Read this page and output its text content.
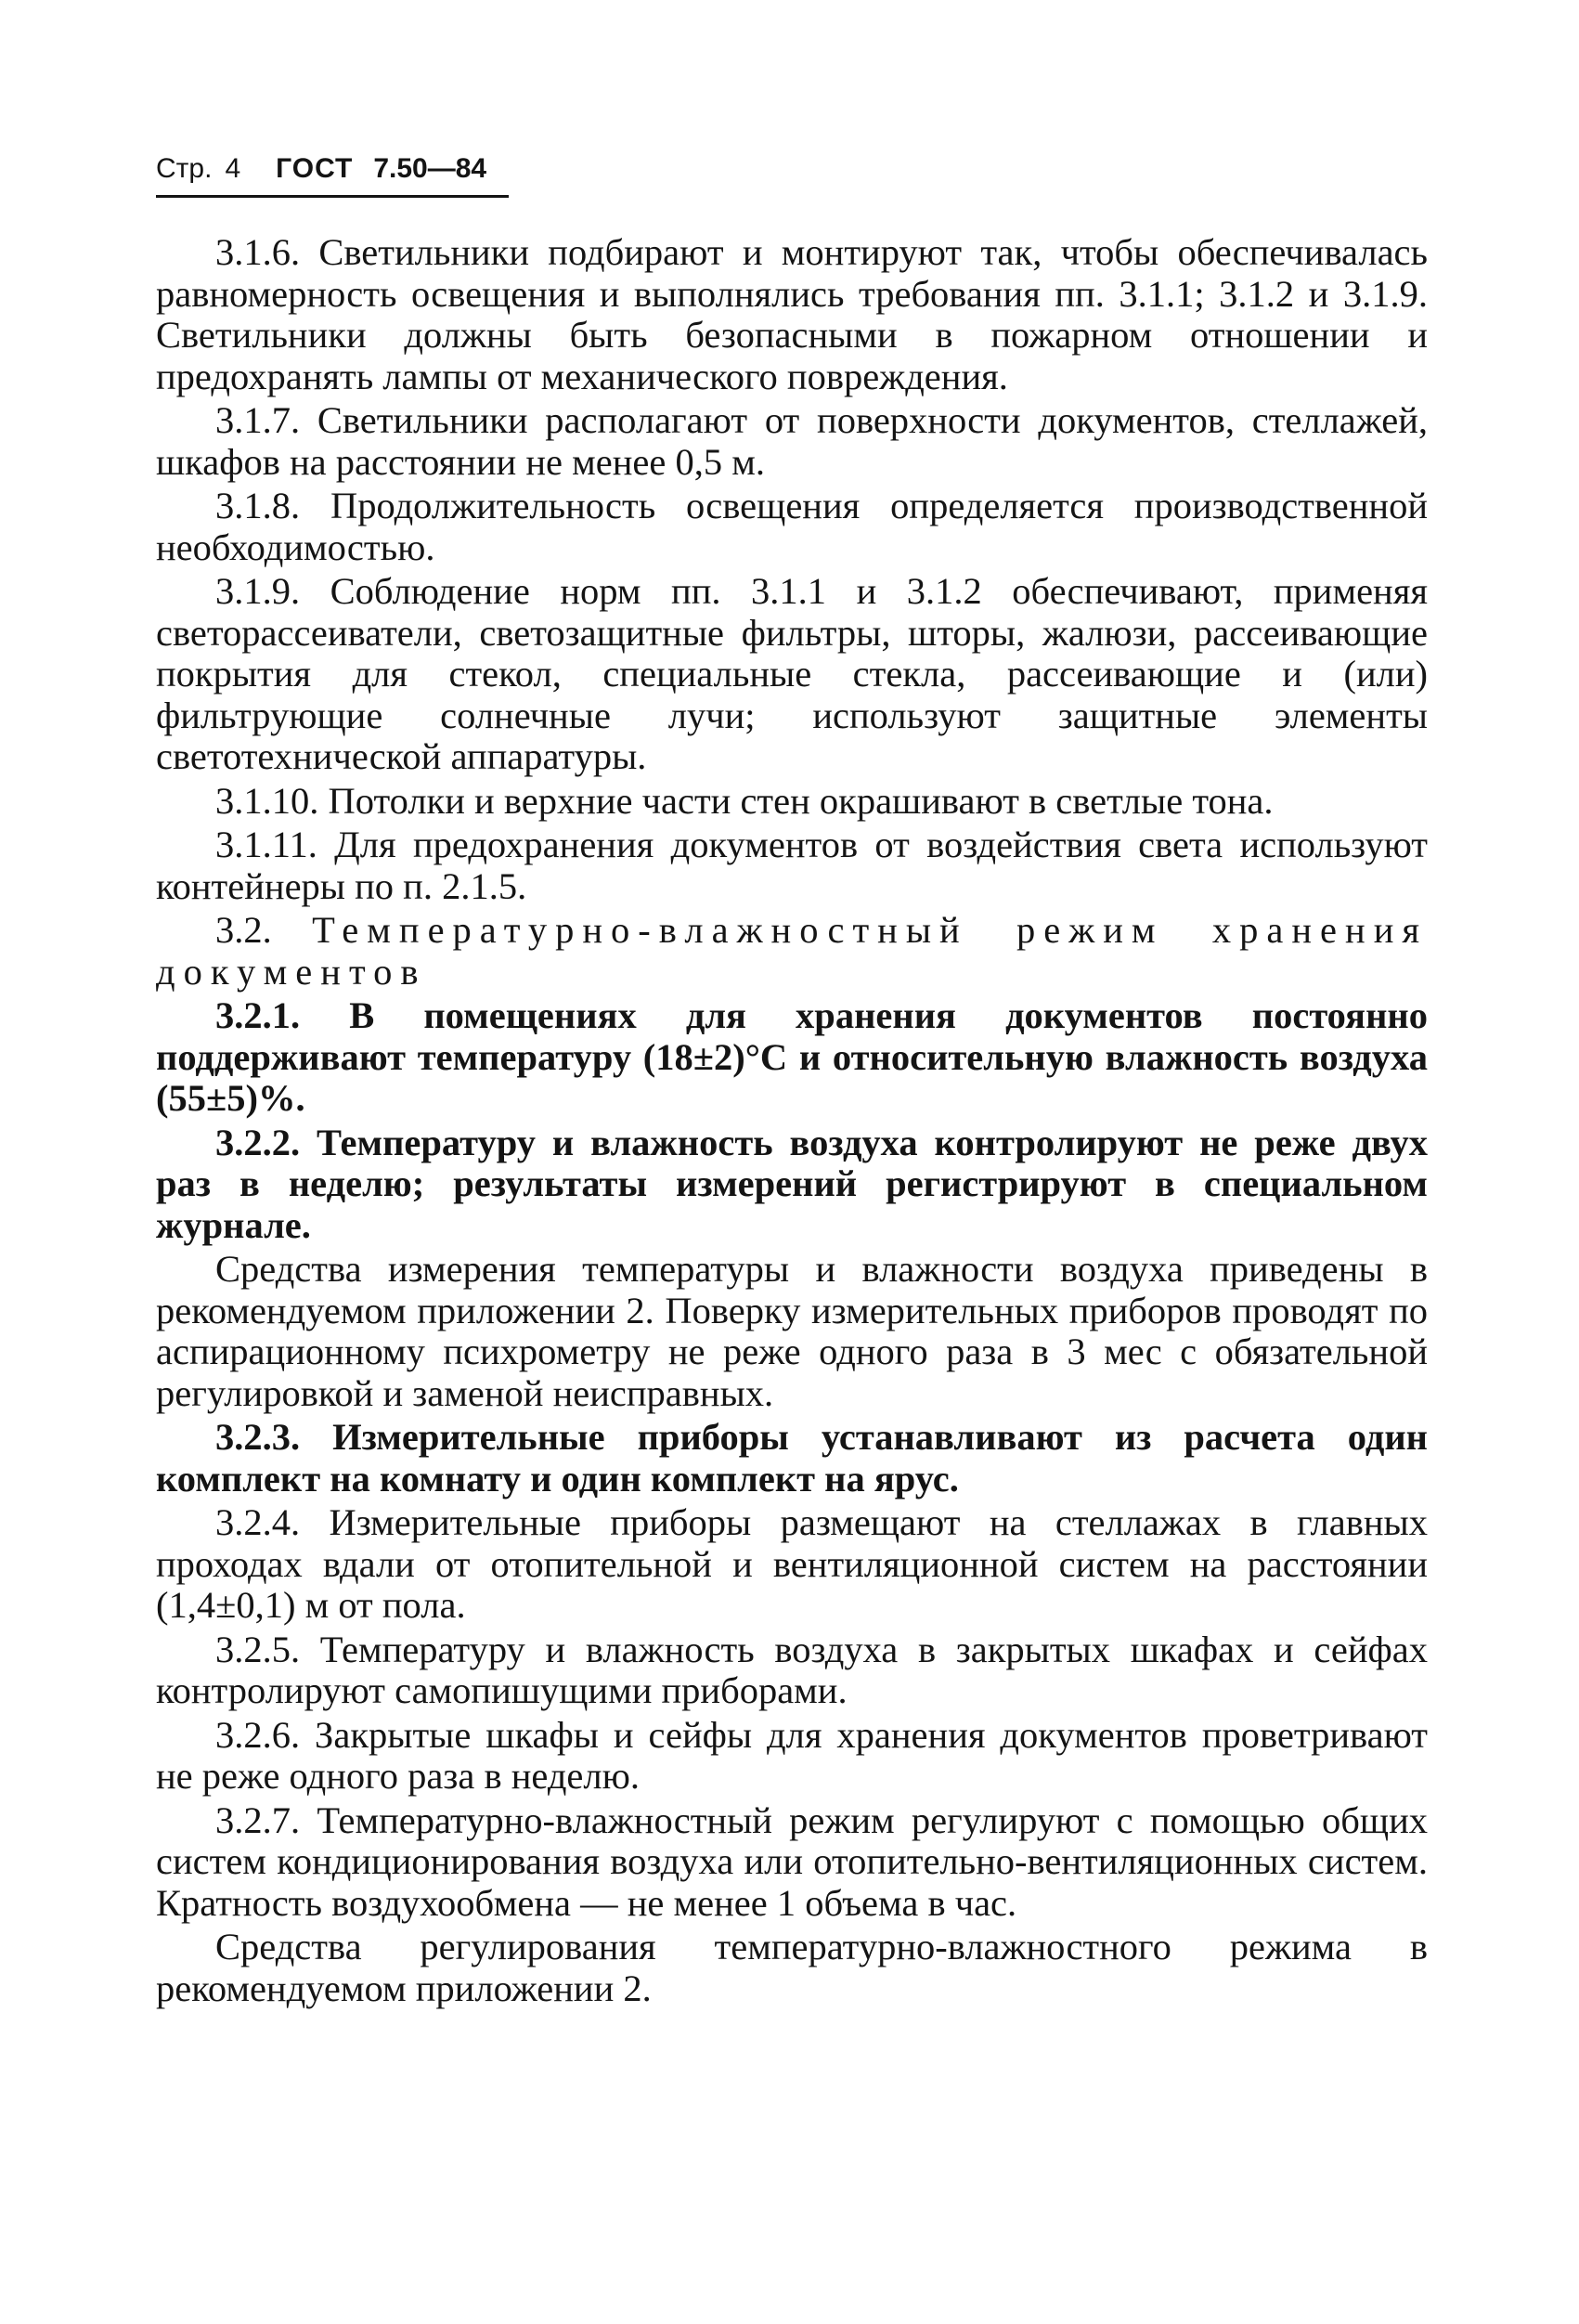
Стр. 4 ГОСТ 7.50—84

3.1.6. Светильники подбирают и монтируют так, чтобы обеспечивалась равномерность освещения и выполнялись требования пп. 3.1.1; 3.1.2 и 3.1.9. Светильники должны быть безопасными в пожарном отношении и предохранять лампы от механического повреждения.

3.1.7. Светильники располагают от поверхности документов, стеллажей, шкафов на расстоянии не менее 0,5 м.

3.1.8. Продолжительность освещения определяется производственной необходимостью.

3.1.9. Соблюдение норм пп. 3.1.1 и 3.1.2 обеспечивают, применяя светорассеиватели, светозащитные фильтры, шторы, жалюзи, рассеивающие покрытия для стекол, специальные стекла, рассеивающие и (или) фильтрующие солнечные лучи; используют защитные элементы светотехнической аппаратуры.

3.1.10. Потолки и верхние части стен окрашивают в светлые тона.

3.1.11. Для предохранения документов от воздействия света используют контейнеры по п. 2.1.5.

3.2. Температурно-влажностный режим хранения документов

3.2.1. В помещениях для хранения документов постоянно поддерживают температуру (18±2)°С и относительную влажность воздуха (55±5)%.

3.2.2. Температуру и влажность воздуха контролируют не реже двух раз в неделю; результаты измерений регистрируют в специальном журнале.

Средства измерения температуры и влажности воздуха приведены в рекомендуемом приложении 2. Поверку измерительных приборов проводят по аспирационному психрометру не реже одного раза в 3 мес с обязательной регулировкой и заменой неисправных.

3.2.3. Измерительные приборы устанавливают из расчета один комплект на комнату и один комплект на ярус.

3.2.4. Измерительные приборы размещают на стеллажах в главных проходах вдали от отопительной и вентиляционной систем на расстоянии (1,4±0,1) м от пола.

3.2.5. Температуру и влажность воздуха в закрытых шкафах и сейфах контролируют самопишущими приборами.

3.2.6. Закрытые шкафы и сейфы для хранения документов проветривают не реже одного раза в неделю.

3.2.7. Температурно-влажностный режим регулируют с помощью общих систем кондиционирования воздуха или отопительно-вентиляционных систем. Кратность воздухообмена — не менее 1 объема в час.

Средства регулирования температурно-влажностного режима в рекомендуемом приложении 2.
